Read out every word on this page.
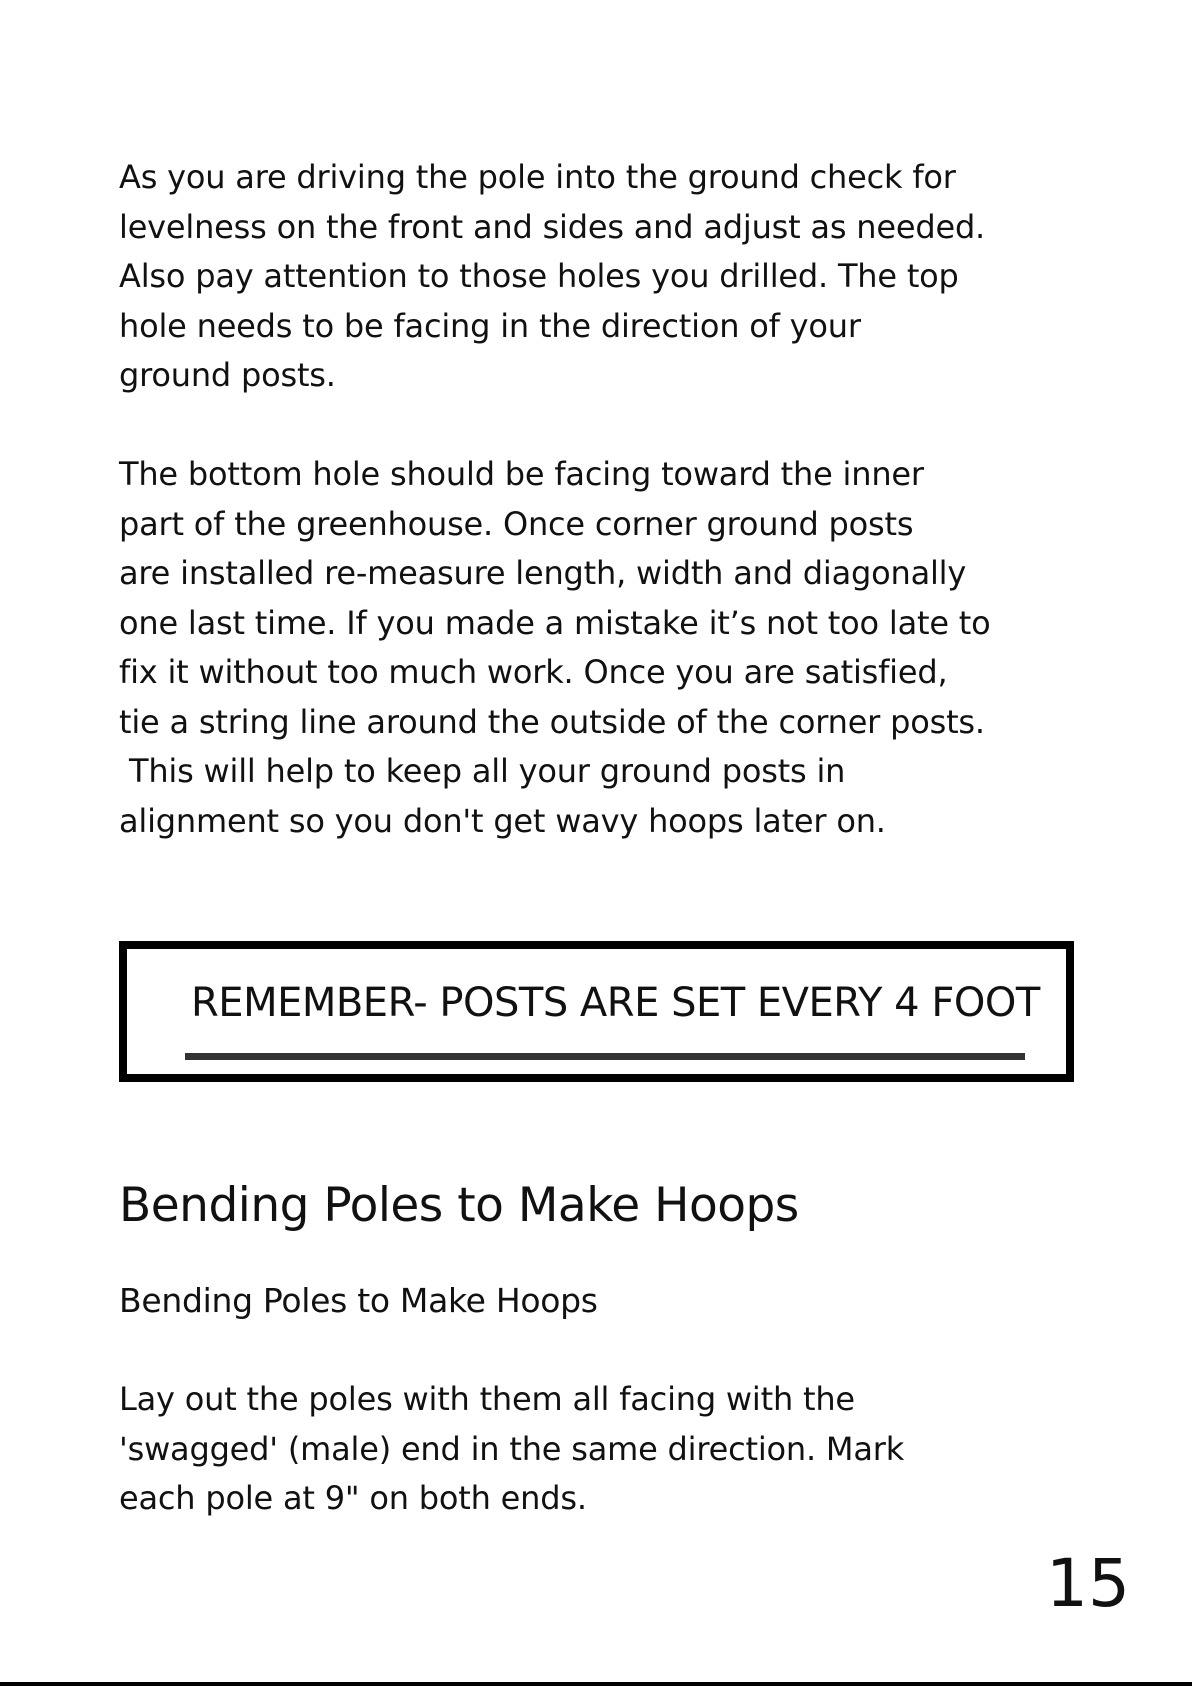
As you are driving the pole into the ground check for
levelness on the front and sides and adjust as needed.
Also pay attention to those holes you drilled. The top
hole needs to be facing in the direction of your
ground posts.

The bottom hole should be facing toward the inner
part of the greenhouse. Once corner ground posts
are installed re-measure length, width and diagonally
one last time. If you made a mistake it’s not too late to
fix it without too much work. Once you are satisfied,
tie a string line around the outside of the corner posts.
This will help to keep all your ground posts in
alignment so you don't get wavy hoops later on.

REMEMBER- POSTS ARE SET EVERY 4 FOOT

Bending Poles to Make Hoops

Bending Poles to Make Hoops

Lay out the poles with them all facing with the
'swagged' (male) end in the same direction. Mark
each pole at 9" on both ends.

15
